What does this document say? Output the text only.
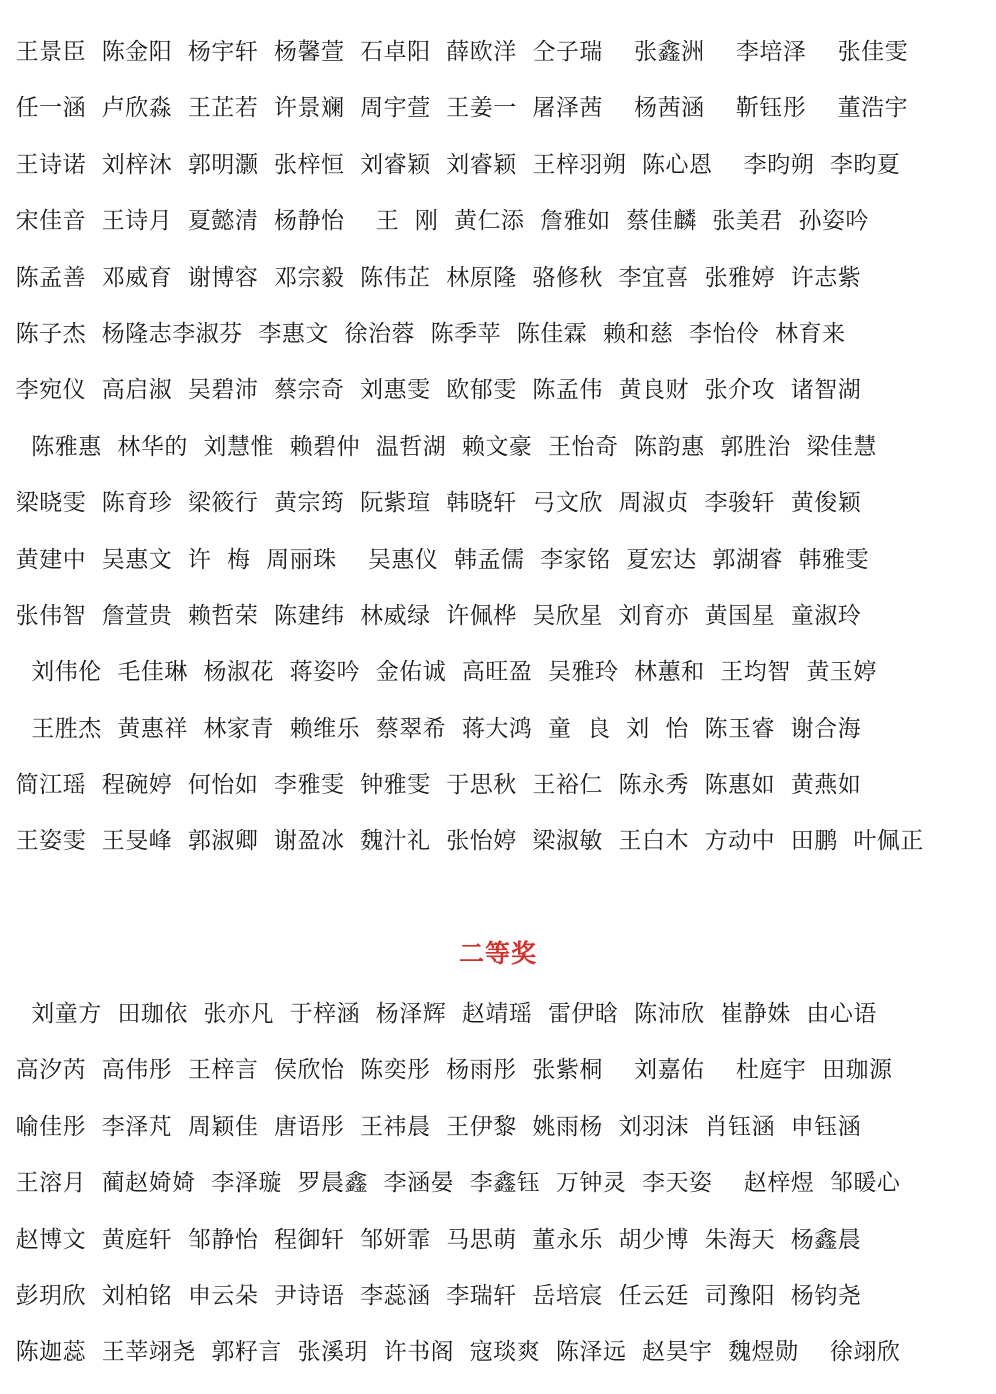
王景臣  陈金阳  杨宇轩  杨馨萱  石卓阳  薛欧洋  仝子瑞    张鑫洲    李培泽    张佳雯
任一涵  卢欣淼  王芷若  许景斓  周宇萱  王姜一  屠泽茜    杨茜涵    靳钰彤    董浩宇
王诗诺  刘梓沐  郭明灏  张梓恒  刘睿颖  刘睿颖  王梓羽朔  陈心恩    李昀朔  李昀夏
宋佳音  王诗月  夏懿清  杨静怡    王  刚  黄仁添  詹雅如  蔡佳麟  张美君  孙姿吟
陈孟善  邓威育  谢博容  邓宗毅  陈伟芷  林原隆  骆修秋  李宜喜  张雅婷  许志紫
陈子杰  杨隆志李淑芬  李惠文  徐治蓉  陈季苹  陈佳霖  赖和慈  李怡伶  林育来
李宛仪  高启淑  吴碧沛  蔡宗奇  刘惠雯  欧郁雯  陈孟伟  黄良财  张介攻  诸智湖
陈雅惠  林华的  刘慧惟  赖碧仲  温哲湖  赖文豪  王怡奇  陈韵惠  郭胜治  梁佳慧
梁晓雯  陈育珍  梁筱行  黄宗筠  阮紫瑄  韩晓轩  弓文欣  周淑贞  李骏轩  黄俊颖
黄建中  吴惠文  许  梅  周丽珠    吴惠仪  韩孟儒  李家铭  夏宏达  郭湖睿  韩雅雯
张伟智  詹萱贵  赖哲荣  陈建纬  林威绿  许佩桦  吴欣星  刘育亦  黄国星  童淑玲
刘伟伦  毛佳琳  杨淑花  蒋姿吟  金佑诚  高旺盈  吴雅玲  林蕙和  王均智  黄玉婷
王胜杰  黄惠祥  林家青  赖维乐  蔡翠希  蒋大鸿  童  良  刘  怡  陈玉睿  谢合海
简江瑶  程碗婷  何怡如  李雅雯  钟雅雯  于思秋  王裕仁  陈永秀  陈惠如  黄燕如
王姿雯  王旻峰  郭淑卿  谢盈冰  魏汁礼  张怡婷  梁淑敏  王白木  方动中  田鹏  叶佩正
二等奖
刘童方  田珈依  张亦凡  于梓涵  杨泽辉  赵靖瑶  雷伊晗  陈沛欣  崔静姝  由心语
高汐芮  高伟彤  王梓言  侯欣怡  陈奕彤  杨雨彤  张紫桐    刘嘉佑    杜庭宇  田珈源
喻佳彤  李泽芃  周颖佳  唐语彤  王祎晨  王伊黎  姚雨杨  刘羽沫  肖钰涵  申钰涵
王溶月  蔺赵婍婍  李泽璇  罗晨鑫  李涵晏  李鑫钰  万钟灵  李天姿    赵梓煜  邹暖心
赵博文  黄庭轩  邹静怡  程御轩  邹妍霏  马思萌  董永乐  胡少博  朱海天  杨鑫晨
彭玥欣  刘柏铭  申云朵  尹诗语  李蕊涵  李瑞轩  岳培宸  任云廷  司豫阳  杨钧尧
陈迦蕊  王莘翊尧  郭籽言  张溪玥  许书阁  寇琰爽  陈泽远  赵昊宇  魏煜勋    徐翊欣
